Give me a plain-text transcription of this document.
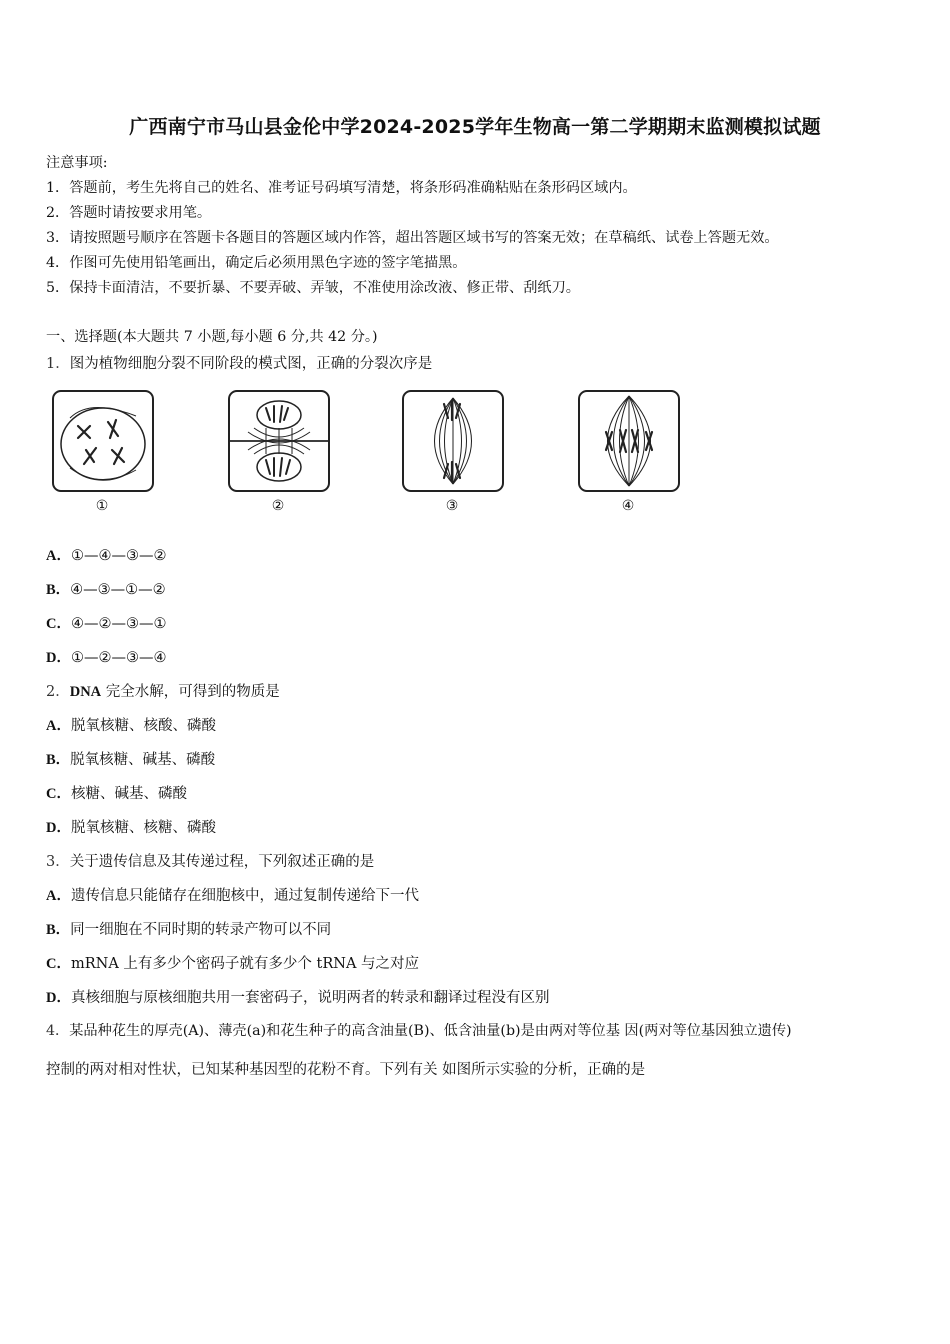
广西南宁市马山县金伦中学2024-2025学年生物高一第二学期期末监测模拟试题
注意事项:
1．答题前，考生先将自己的姓名、准考证号码填写清楚，将条形码准确粘贴在条形码区域内。
2．答题时请按要求用笔。
3．请按照题号顺序在答题卡各题目的答题区域内作答，超出答题区域书写的答案无效；在草稿纸、试卷上答题无效。
4．作图可先使用铅笔画出，确定后必须用黑色字迹的签字笔描黑。
5．保持卡面清洁，不要折暴、不要弄破、弄皱，不准使用涂改液、修正带、刮纸刀。
一、选择题(本大题共 7 小题,每小题 6 分,共 42 分。)
1．图为植物细胞分裂不同阶段的模式图，正确的分裂次序是
①	②	③	④
A．①—④—③—②
B．④—③—①—②
C．④—②—③—①
D．①—②—③—④
2．DNA 完全水解，可得到的物质是
A．脱氧核糖、核酸、磷酸
B．脱氧核糖、碱基、磷酸
C．核糖、碱基、磷酸
D．脱氧核糖、核糖、磷酸
3．关于遗传信息及其传递过程，下列叙述正确的是
A．遗传信息只能储存在细胞核中，通过复制传递给下一代
B．同一细胞在不同时期的转录产物可以不同
C．mRNA 上有多少个密码子就有多少个 tRNA 与之对应
D．真核细胞与原核细胞共用一套密码子，说明两者的转录和翻译过程没有区别
4．某品种花生的厚壳(A)、薄壳(a)和花生种子的高含油量(B)、低含油量(b)是由两对等位基 因(两对等位基因独立遗传)
控制的两对相对性状，已知某种基因型的花粉不育。下列有关 如图所示实验的分析，正确的是
